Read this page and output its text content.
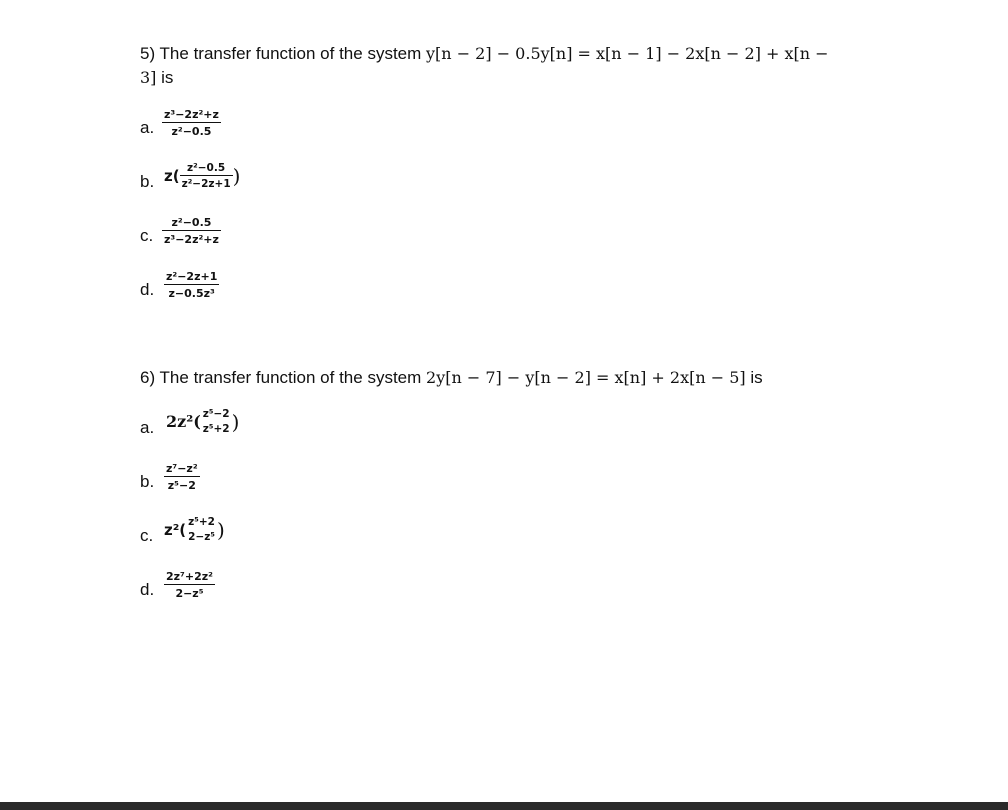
5) The transfer function of the system y[n − 2] − 0.5y[n] = x[n − 1] − 2x[n − 2] + x[n −
3] is
a. $\frac{\text{z³−2z²+z}}{\text{z²−0.5}}$
b. $z( \frac{\text{z²−0.5}}{\text{z²−2z+1}}$ )
c. $\frac{\text{z²−0.5}}{\text{z³−2z²+z}}$
d. $\frac{\text{z²−2z+1}}{\text{z−0.5z³}}$
6) The transfer function of the system 2y[n − 7] − y[n − 2] = x[n] + 2x[n − 5] is
a. 2z²( z⁵−2
z⁵+2 )
b. $\frac{\text{z⁷−z²}}{\text{z⁵−2}}$
c. z²( z⁵+2
2−z⁵ )
d. $\frac{\text{2z⁷+2z²}}{\text{2−z⁵}}$
